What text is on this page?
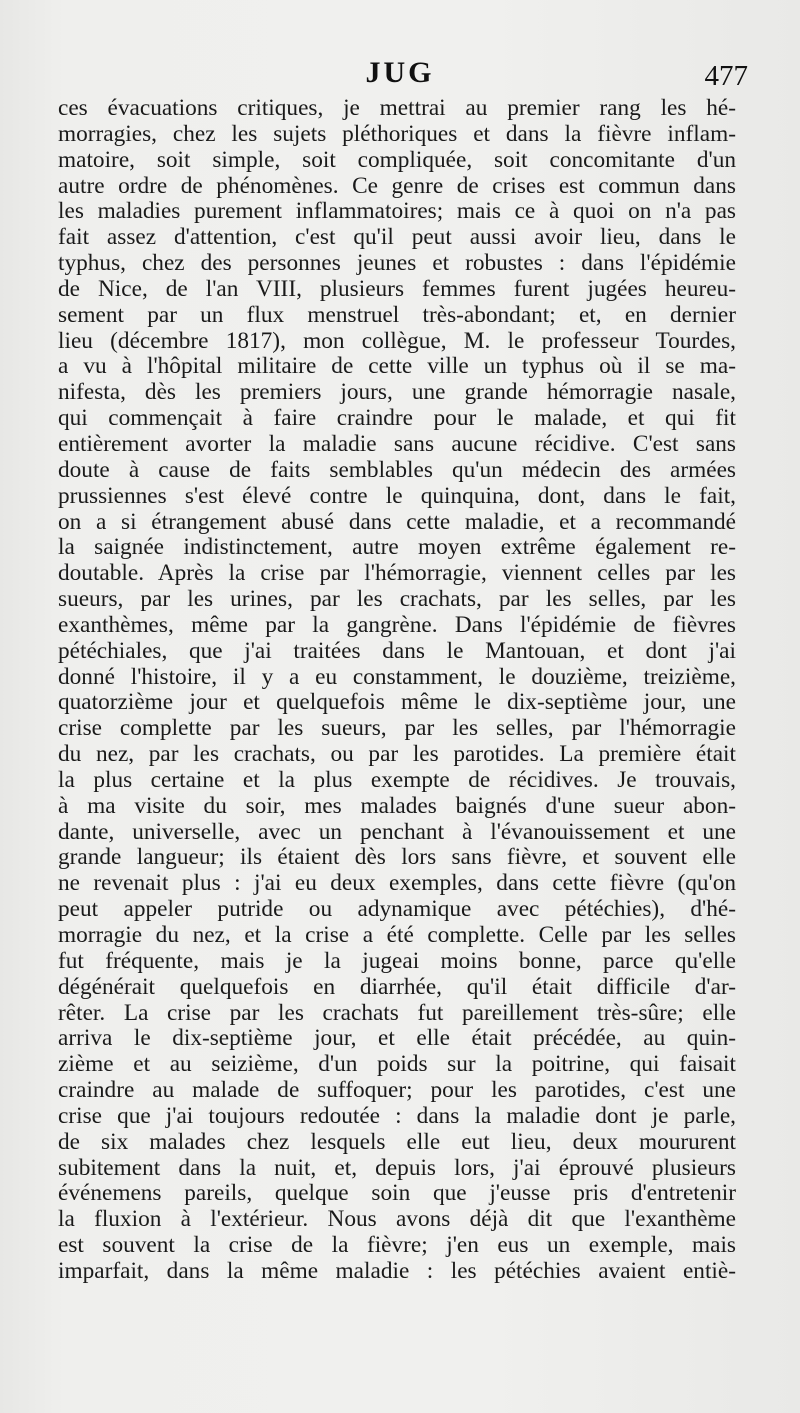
JUG	477
ces évacuations critiques, je mettrai au premier rang les hé-
morragies, chez les sujets pléthoriques et dans la fièvre inflam-
matoire, soit simple, soit compliquée, soit concomitante d'un
autre ordre de phénomènes. Ce genre de crises est commun dans
les maladies purement inflammatoires; mais ce à quoi on n'a pas
fait assez d'attention, c'est qu'il peut aussi avoir lieu, dans le
typhus, chez des personnes jeunes et robustes : dans l'épidémie
de Nice, de l'an VIII, plusieurs femmes furent jugées heureu-
sement par un flux menstruel très-abondant; et, en dernier
lieu (décembre 1817), mon collègue, M. le professeur Tourdes,
a vu à l'hôpital militaire de cette ville un typhus où il se ma-
nifesta, dès les premiers jours, une grande hémorragie nasale,
qui commençait à faire craindre pour le malade, et qui fit
entièrement avorter la maladie sans aucune récidive. C'est sans
doute à cause de faits semblables qu'un médecin des armées
prussiennes s'est élevé contre le quinquina, dont, dans le fait,
on a si étrangement abusé dans cette maladie, et a recommandé
la saignée indistinctement, autre moyen extrême également re-
doutable. Après la crise par l'hémorragie, viennent celles par les
sueurs, par les urines, par les crachats, par les selles, par les
exanthèmes, même par la gangrène. Dans l'épidémie de fièvres
pétéchiales, que j'ai traitées dans le Mantouan, et dont j'ai
donné l'histoire, il y a eu constamment, le douzième, treizième,
quatorzième jour et quelquefois même le dix-septième jour, une
crise complette par les sueurs, par les selles, par l'hémorragie
du nez, par les crachats, ou par les parotides. La première était
la plus certaine et la plus exempte de récidives. Je trouvais,
à ma visite du soir, mes malades baignés d'une sueur abon-
dante, universelle, avec un penchant à l'évanouissement et une
grande langueur; ils étaient dès lors sans fièvre, et souvent elle
ne revenait plus : j'ai eu deux exemples, dans cette fièvre (qu'on
peut appeler putride ou adynamique avec pétéchies), d'hé-
morragie du nez, et la crise a été complette. Celle par les selles
fut fréquente, mais je la jugeai moins bonne, parce qu'elle
dégénérait quelquefois en diarrhée, qu'il était difficile d'ar-
rêter. La crise par les crachats fut pareillement très-sûre; elle
arriva le dix-septième jour, et elle était précédée, au quin-
zième et au seizième, d'un poids sur la poitrine, qui faisait
craindre au malade de suffoquer; pour les parotides, c'est une
crise que j'ai toujours redoutée : dans la maladie dont je parle,
de six malades chez lesquels elle eut lieu, deux moururent
subitement dans la nuit, et, depuis lors, j'ai éprouvé plusieurs
événemens pareils, quelque soin que j'eusse pris d'entretenir
la fluxion à l'extérieur. Nous avons déjà dit que l'exanthème
est souvent la crise de la fièvre; j'en eus un exemple, mais
imparfait, dans la même maladie : les pétéchies avaient entiè-
